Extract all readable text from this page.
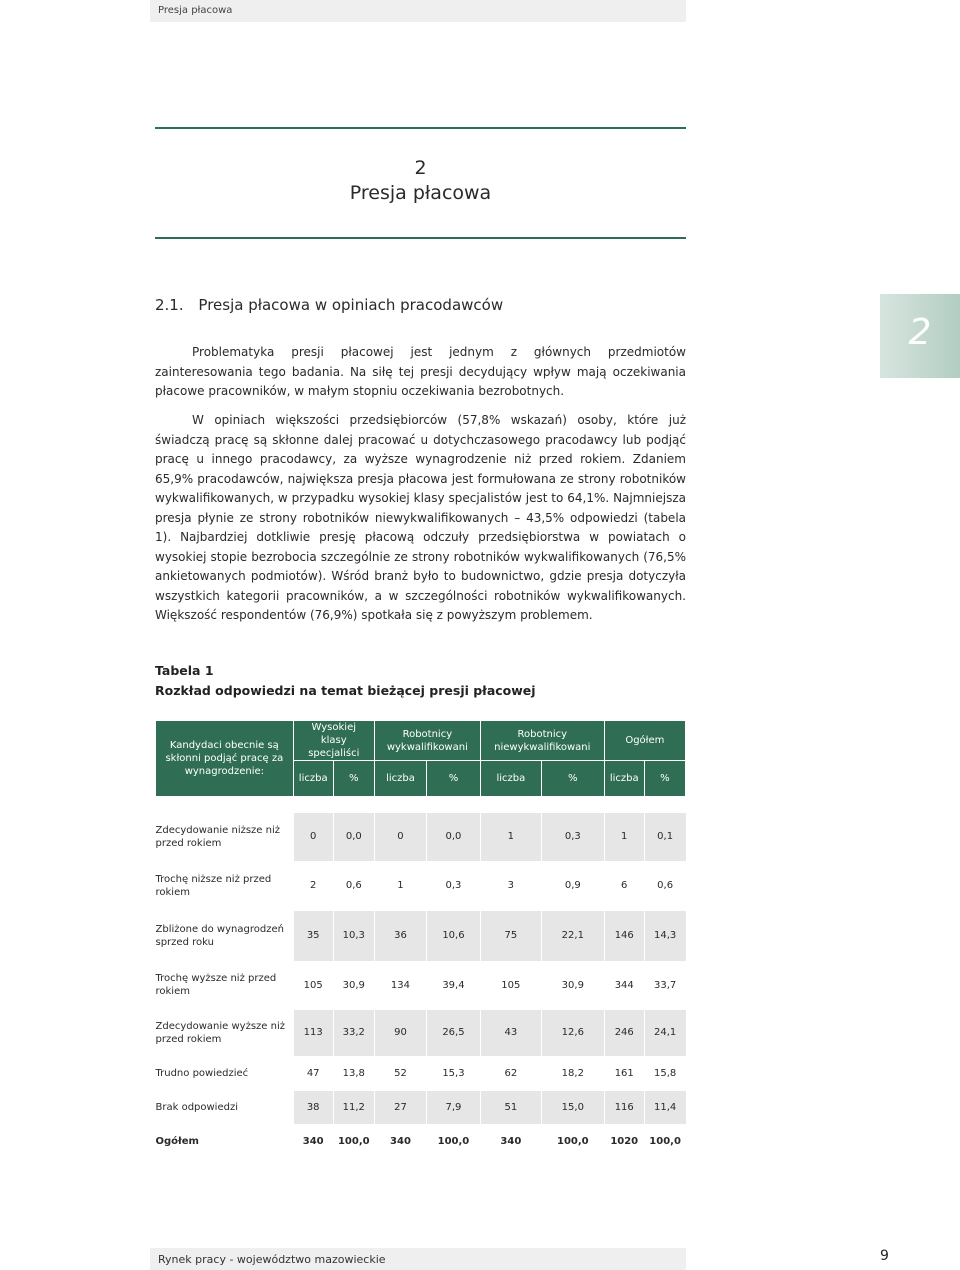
Presja płacowa
2
Presja płacowa
2.1. Presja płacowa w opiniach pracodawców
2

Problematyka presji płacowej jest jednym z głównych przedmiotów zainteresowania tego badania. Na siłę tej presji decydujący wpływ mają oczekiwania płacowe pracowników, w małym stopniu oczekiwania bezrobotnych.

W opiniach większości przedsiębiorców (57,8% wskazań) osoby, które już świadczą pracę są skłonne dalej pracować u dotychczasowego pracodawcy lub podjąć pracę u innego pracodawcy, za wyższe wynagrodzenie niż przed rokiem. Zdaniem 65,9% pracodawców, największa presja płacowa jest formułowana ze strony robotników wykwalifikowanych, w przypadku wysokiej klasy specjalistów jest to 64,1%. Najmniejsza presja płynie ze strony robotników niewykwalifikowanych – 43,5% odpowiedzi (tabela 1). Najbardziej dotkliwie presję płacową odczuły przedsiębiorstwa w powiatach o wysokiej stopie bezrobocia szczególnie ze strony robotników wykwalifikowanych (76,5% ankietowanych podmiotów). Wśród branż było to budownictwo, gdzie presja dotyczyła wszystkich kategorii pracowników, a w szczególności robotników wykwalifikowanych. Większość respondentów (76,9%) spotkała się z powyższym problemem.

Tabela 1
Rozkład odpowiedzi na temat bieżącej presji płacowej
Kandydaci obecnie są skłonni podjąć pracę za wynagrodzenie:	Wysokiej klasy specjaliści		Robotnicy wykwalifikowani		Robotnicy niewykwalifikowani		Ogółem	
	liczba	%	liczba	%	liczba	%	liczba	%

Zdecydowanie niższe niż przed rokiem	0	0,0	0	0,0	1	0,3	1	0,1
Trochę niższe niż przed rokiem	2	0,6	1	0,3	3	0,9	6	0,6
Zbliżone do wynagrodzeń sprzed roku	35	10,3	36	10,6	75	22,1	146	14,3
Trochę wyższe niż przed rokiem	105	30,9	134	39,4	105	30,9	344	33,7
Zdecydowanie wyższe niż przed rokiem	113	33,2	90	26,5	43	12,6	246	24,1
Trudno powiedzieć	47	13,8	52	15,3	62	18,2	161	15,8
Brak odpowiedzi	38	11,2	27	7,9	51	15,0	116	11,4
Ogółem	340	100,0	340	100,0	340	100,0	1020	100,0
Rynek pracy - województwo mazowieckie	9
